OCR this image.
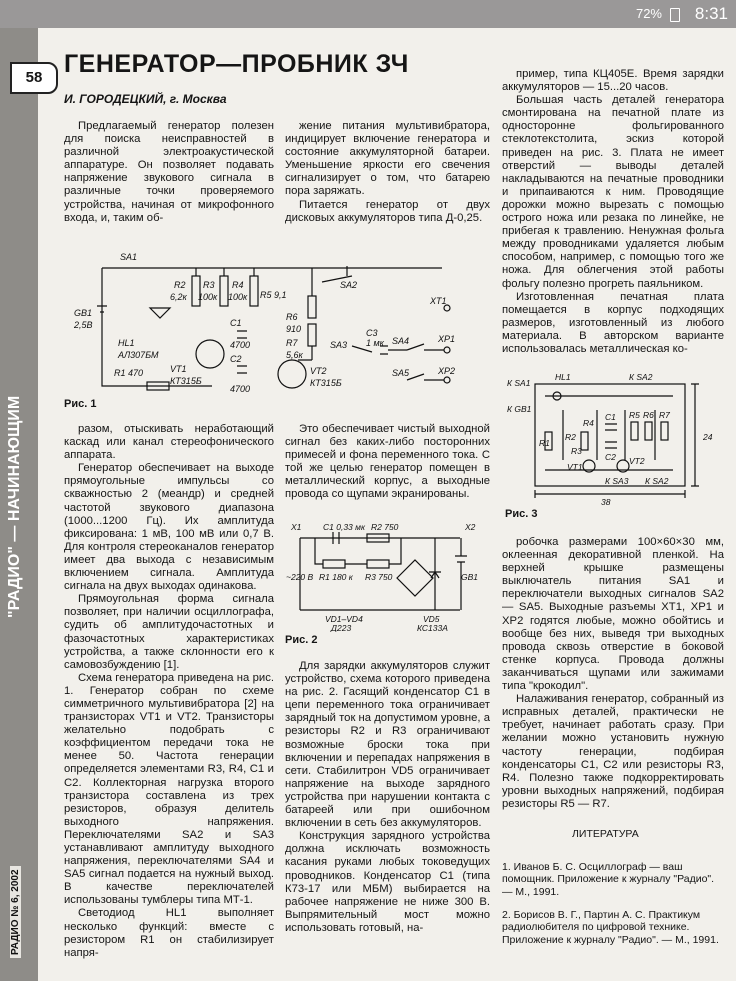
72% 8:31
58
"РАДИО" — НАЧИНАЮЩИМ
РАДИО № 6, 2002
ГЕНЕРАТОР—ПРОБНИК ЗЧ
И. ГОРОДЕЦКИЙ, г. Москва

Предлагаемый генератор полезен для поиска неисправностей в различной электроакустической аппаратуре. Он позволяет подавать напряжение звукового сигнала в различные точки проверяемого устройства, начиная от микрофонного входа, и, таким об-

жение питания мультивибратора, индицирует включение генератора и состояние аккумуляторной батареи. Уменьшение яркости его свечения сигнализирует о том, что батарею пора заряжать.

Питается генератор от двух дисковых аккумуляторов типа Д-0,25.

пример, типа КЦ405Е. Время зарядки аккумуляторов — 15...20 часов.

Большая часть деталей генератора смонтирована на печатной плате из односторонне фольгированного стеклотекстолита, эскиз которой приведен на рис. 3. Плата не имеет отверстий — выводы деталей накладываются на печатные проводники и припаиваются к ним. Проводящие дорожки можно вырезать с помощью острого ножа или резака по линейке, не прибегая к травлению. Ненужная фольга между проводниками удаляется любым способом, например, с помощью того же ножа. Для облегчения этой работы фольгу полезно прогреть паяльником.

Изготовленная печатная плата помещается в корпус подходящих размеров, изготовленный из любого материала. В авторском варианте использовалась металлическая ко-

SA1
GB1
2,5В
HL1
АЛ307БМ
R1 470
R2
6,2к
R3
100к
R4
100к
C1
4700
C2
4700
VT1
КТ315Б
VT2
КТ315Б
R5 9,1
R6
910
R7
5,6к
SA2
SA3
C3
1 мк SA4
SA5
XT1
XP1
XP2
Рис. 1

разом, отыскивать неработающий каскад или канал стереофонического аппарата.

Генератор обеспечивает на выходе прямоугольные импульсы со скважностью 2 (меандр) и средней частотой звукового диапазона (1000...1200 Гц). Их амплитуда фиксирована: 1 мВ, 100 мВ или 0,7 В. Для контроля стереоканалов генератор имеет два выхода с независимым включением сигнала. Амплитуда сигнала на двух выходах одинакова.

Прямоугольная форма сигнала позволяет, при наличии осциллографа, судить об амплитудочастотных и фазочастотных характеристиках устройства, а также склонности его к самовозбуждению [1].

Схема генератора приведена на рис. 1. Генератор собран по схеме симметричного мультивибратора [2] на транзисторах VT1 и VT2. Транзисторы желательно подобрать с коэффициентом передачи тока не менее 50. Частота генерации определяется элементами R3, R4, C1 и C2. Коллекторная нагрузка второго транзистора составлена из трех резисторов, образуя делитель выходного напряжения. Переключателями SA2 и SA3 устанавливают амплитуду выходного напряжения, переключателями SA4 и SA5 сигнал подается на нужный выход. В качестве переключателей использованы тумблеры типа МТ-1.

Светодиод HL1 выполняет несколько функций: вместе с резистором R1 он стабилизирует напря-

Это обеспечивает чистый выходной сигнал без каких-либо посторонних примесей и фона переменного тока. С той же целью генератор помещен в металлический корпус, а выходные провода со щупами экранированы.

X1	X2
~220 В
C1 0,33 мк R2 750
R1 180 к R3 750	GB1
VD1–VD4
Д223
VD5
КС133А
Рис. 2

Для зарядки аккумуляторов служит устройство, схема которого приведена на рис. 2. Гасящий конденсатор C1 в цепи переменного тока ограничивает зарядный ток на допустимом уровне, а резисторы R2 и R3 ограничивают возможные броски тока при включении и перепадах напряжения в сети. Стабилитрон VD5 ограничивает напряжение на выходе зарядного устройства при нарушении контакта с батареей или при ошибочном включении в сеть без аккумуляторов.

Конструкция зарядного устройства должна исключать возможность касания руками любых токоведущих проводников. Конденсатор C1 (типа К73-17 или МБМ) выбирается на рабочее напряжение не ниже 300 В. Выпрямительный мост можно использовать готовый, на-

К SA1
К GB1
HL1	К SA2
R1
R2
R3
R4
C1
C2
R5 R6 R7
VT1
VT2
К SA3 К SA2
38
24
Рис. 3

робочка размерами 100×60×30 мм, оклеенная декоративной пленкой. На верхней крышке размещены выключатель питания SA1 и переключатели выходных сигналов SA2 — SA5. Выходные разъемы XT1, XP1 и XP2 годятся любые, можно обойтись и вообще без них, выведя три выходных провода сквозь отверстие в боковой стенке корпуса. Провода должны заканчиваться щупами или зажимами типа "крокодил".

Налаживания генератор, собранный из исправных деталей, практически не требует, начинает работать сразу. При желании можно установить нужную частоту генерации, подбирая конденсаторы C1, C2 или резисторы R3, R4. Полезно также подкорректировать уровни выходных напряжений, подбирая резисторы R5 — R7.

ЛИТЕРАТУРА

1. Иванов Б. С. Осциллограф — ваш помощник. Приложение к журналу "Радио". — М., 1991.

2. Борисов В. Г., Партин А. С. Практикум радиолюбителя по цифровой технике. Приложение к журналу "Радио". — М., 1991.
